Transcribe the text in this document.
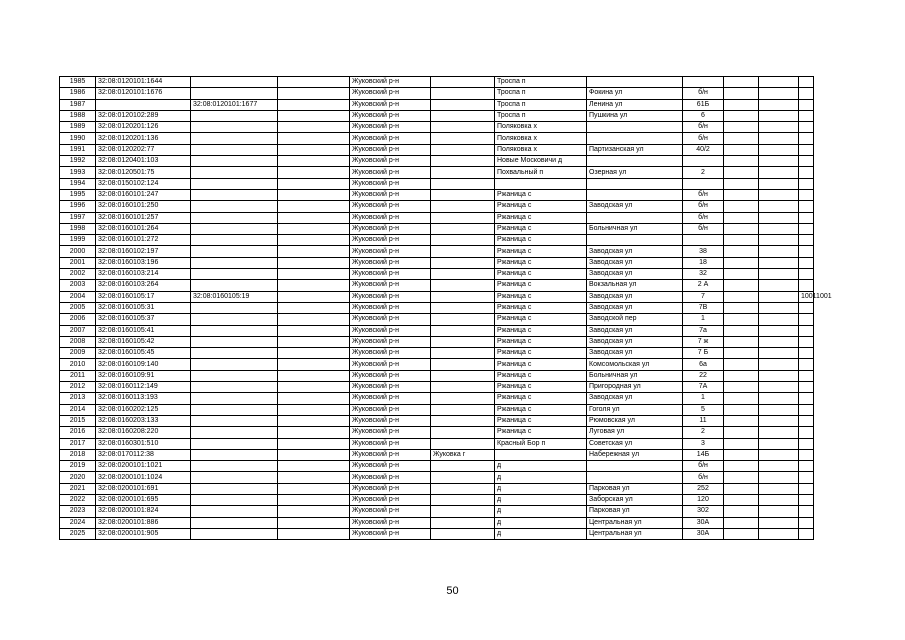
1985	32:08:0120101:1644			Жуковский р-н		Троспа п					
1986	32:08:0120101:1676			Жуковский р-н		Троспа п	Фокина ул	б/н			
1987		32:08:0120101:1677		Жуковский р-н		Троспа п	Ленина ул	61Б			
1988	32:08:0120102:289			Жуковский р-н		Троспа п	Пушкина ул	6			
1989	32:08:0120201:126			Жуковский р-н		Поляковка х		б/н			
1990	32:08:0120201:136			Жуковский р-н		Поляковка х		б/н			
1991	32:08:0120202:77			Жуковский р-н		Поляковка х	Партизанская ул	40/2			
1992	32:08:0120401:103			Жуковский р-н		Новые Московичи д					
1993	32:08:0120501:75			Жуковский р-н		Похвальный п	Озерная ул	2			
1994	32:08:0150102:124			Жуковский р-н							
1995	32:08:0160101:247			Жуковский р-н		Ржаница с		б/н			
1996	32:08:0160101:250			Жуковский р-н		Ржаница с	Заводская ул	б/н			
1997	32:08:0160101:257			Жуковский р-н		Ржаница с		б/н			
1998	32:08:0160101:264			Жуковский р-н		Ржаница с	Больничная ул	б/н			
1999	32:08:0160101:272			Жуковский р-н		Ржаница с					
2000	32:08:0160102:197			Жуковский р-н		Ржаница с	Заводская ул	38			
2001	32:08:0160103:196			Жуковский р-н		Ржаница с	Заводская ул	18			
2002	32:08:0160103:214			Жуковский р-н		Ржаница с	Заводская ул	32			
2003	32:08:0160103:264			Жуковский р-н		Ржаница с	Вокзальная ул	2 А			
2004	32:08:0160105:17	32:08:0160105:19		Жуковский р-н		Ржаница с	Заводская ул	7			10011001
2005	32:08:0160105:31			Жуковский р-н		Ржаница с	Заводская ул	7В			
2006	32:08:0160105:37			Жуковский р-н		Ржаница с	Заводской пер	1			
2007	32:08:0160105:41			Жуковский р-н		Ржаница с	Заводская ул	7а			
2008	32:08:0160105:42			Жуковский р-н		Ржаница с	Заводская ул	7 ж			
2009	32:08:0160105:45			Жуковский р-н		Ржаница с	Заводская ул	7 Б			
2010	32:08:0160109:140			Жуковский р-н		Ржаница с	Комсомольская ул	6а			
2011	32:08:0160109:91			Жуковский р-н		Ржаница с	Больничная ул	22			
2012	32:08:0160112:149			Жуковский р-н		Ржаница с	Пригородная ул	7А			
2013	32:08:0160113:193			Жуковский р-н		Ржаница с	Заводская ул	1			
2014	32:08:0160202:125			Жуковский р-н		Ржаница с	Гоголя ул	5			
2015	32:08:0160203:133			Жуковский р-н		Ржаница с	Рюмовская ул	11			
2016	32:08:0160208:220			Жуковский р-н		Ржаница с	Луговая ул	2			
2017	32:08:0160301:510			Жуковский р-н		Красный Бор п	Советская ул	3			
2018	32:08:0170112:38			Жуковский р-н	Жуковка г		Набережная ул	14Б			
2019	32:08:0200101:1021			Жуковский р-н		д		б/н			
2020	32:08:0200101:1024			Жуковский р-н		д		б/н			
2021	32:08:0200101:691			Жуковский р-н		д	Парковая ул	252			
2022	32:08:0200101:695			Жуковский р-н		д	Заборская ул	120			
2023	32:08:0200101:824			Жуковский р-н		д	Парковая ул	302			
2024	32:08:0200101:886			Жуковский р-н		д	Центральная ул	30А			
2025	32:08:0200101:905			Жуковский р-н		д	Центральная ул	30А			
50
